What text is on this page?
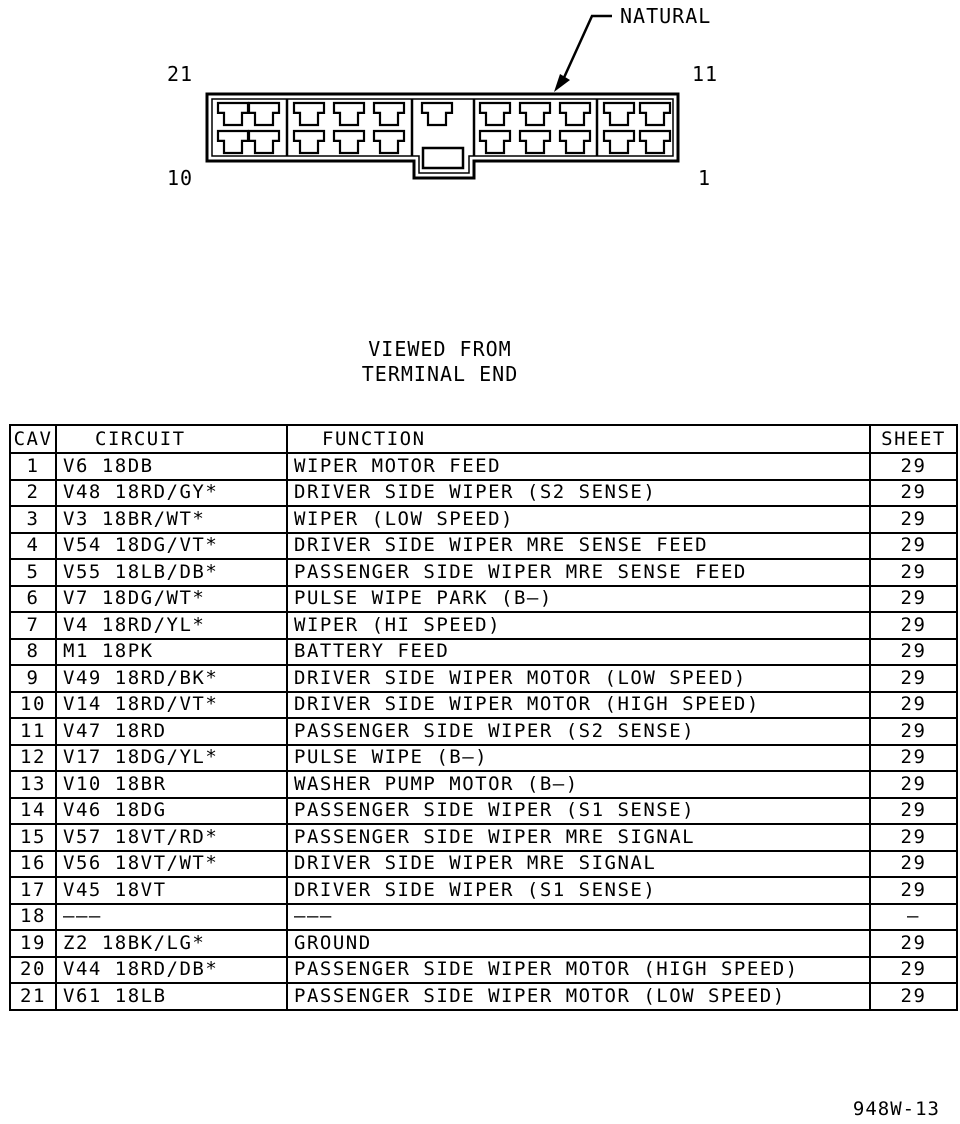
NATURAL
21	11
10	1
VIEWED FROM
TERMINAL END
CAV	CIRCUIT	FUNCTION	SHEET
1	V6 18DB	WIPER MOTOR FEED	29
2	V48 18RD/GY*	DRIVER SIDE WIPER (S2 SENSE)	29
3	V3 18BR/WT*	WIPER (LOW SPEED)	29
4	V54 18DG/VT*	DRIVER SIDE WIPER MRE SENSE FEED	29
5	V55 18LB/DB*	PASSENGER SIDE WIPER MRE SENSE FEED	29
6	V7 18DG/WT*	PULSE WIPE PARK (B—)	29
7	V4 18RD/YL*	WIPER (HI SPEED)	29
8	M1 18PK	BATTERY FEED	29
9	V49 18RD/BK*	DRIVER SIDE WIPER MOTOR (LOW SPEED)	29
10	V14 18RD/VT*	DRIVER SIDE WIPER MOTOR (HIGH SPEED)	29
11	V47 18RD	PASSENGER SIDE WIPER (S2 SENSE)	29
12	V17 18DG/YL*	PULSE WIPE (B—)	29
13	V10 18BR	WASHER PUMP MOTOR (B—)	29
14	V46 18DG	PASSENGER SIDE WIPER (S1 SENSE)	29
15	V57 18VT/RD*	PASSENGER SIDE WIPER MRE SIGNAL	29
16	V56 18VT/WT*	DRIVER SIDE WIPER MRE SIGNAL	29
17	V45 18VT	DRIVER SIDE WIPER (S1 SENSE)	29
18	———	———	—
19	Z2 18BK/LG*	GROUND	29
20	V44 18RD/DB*	PASSENGER SIDE WIPER MOTOR (HIGH SPEED)	29
21	V61 18LB	PASSENGER SIDE WIPER MOTOR (LOW SPEED)	29
948W-13
